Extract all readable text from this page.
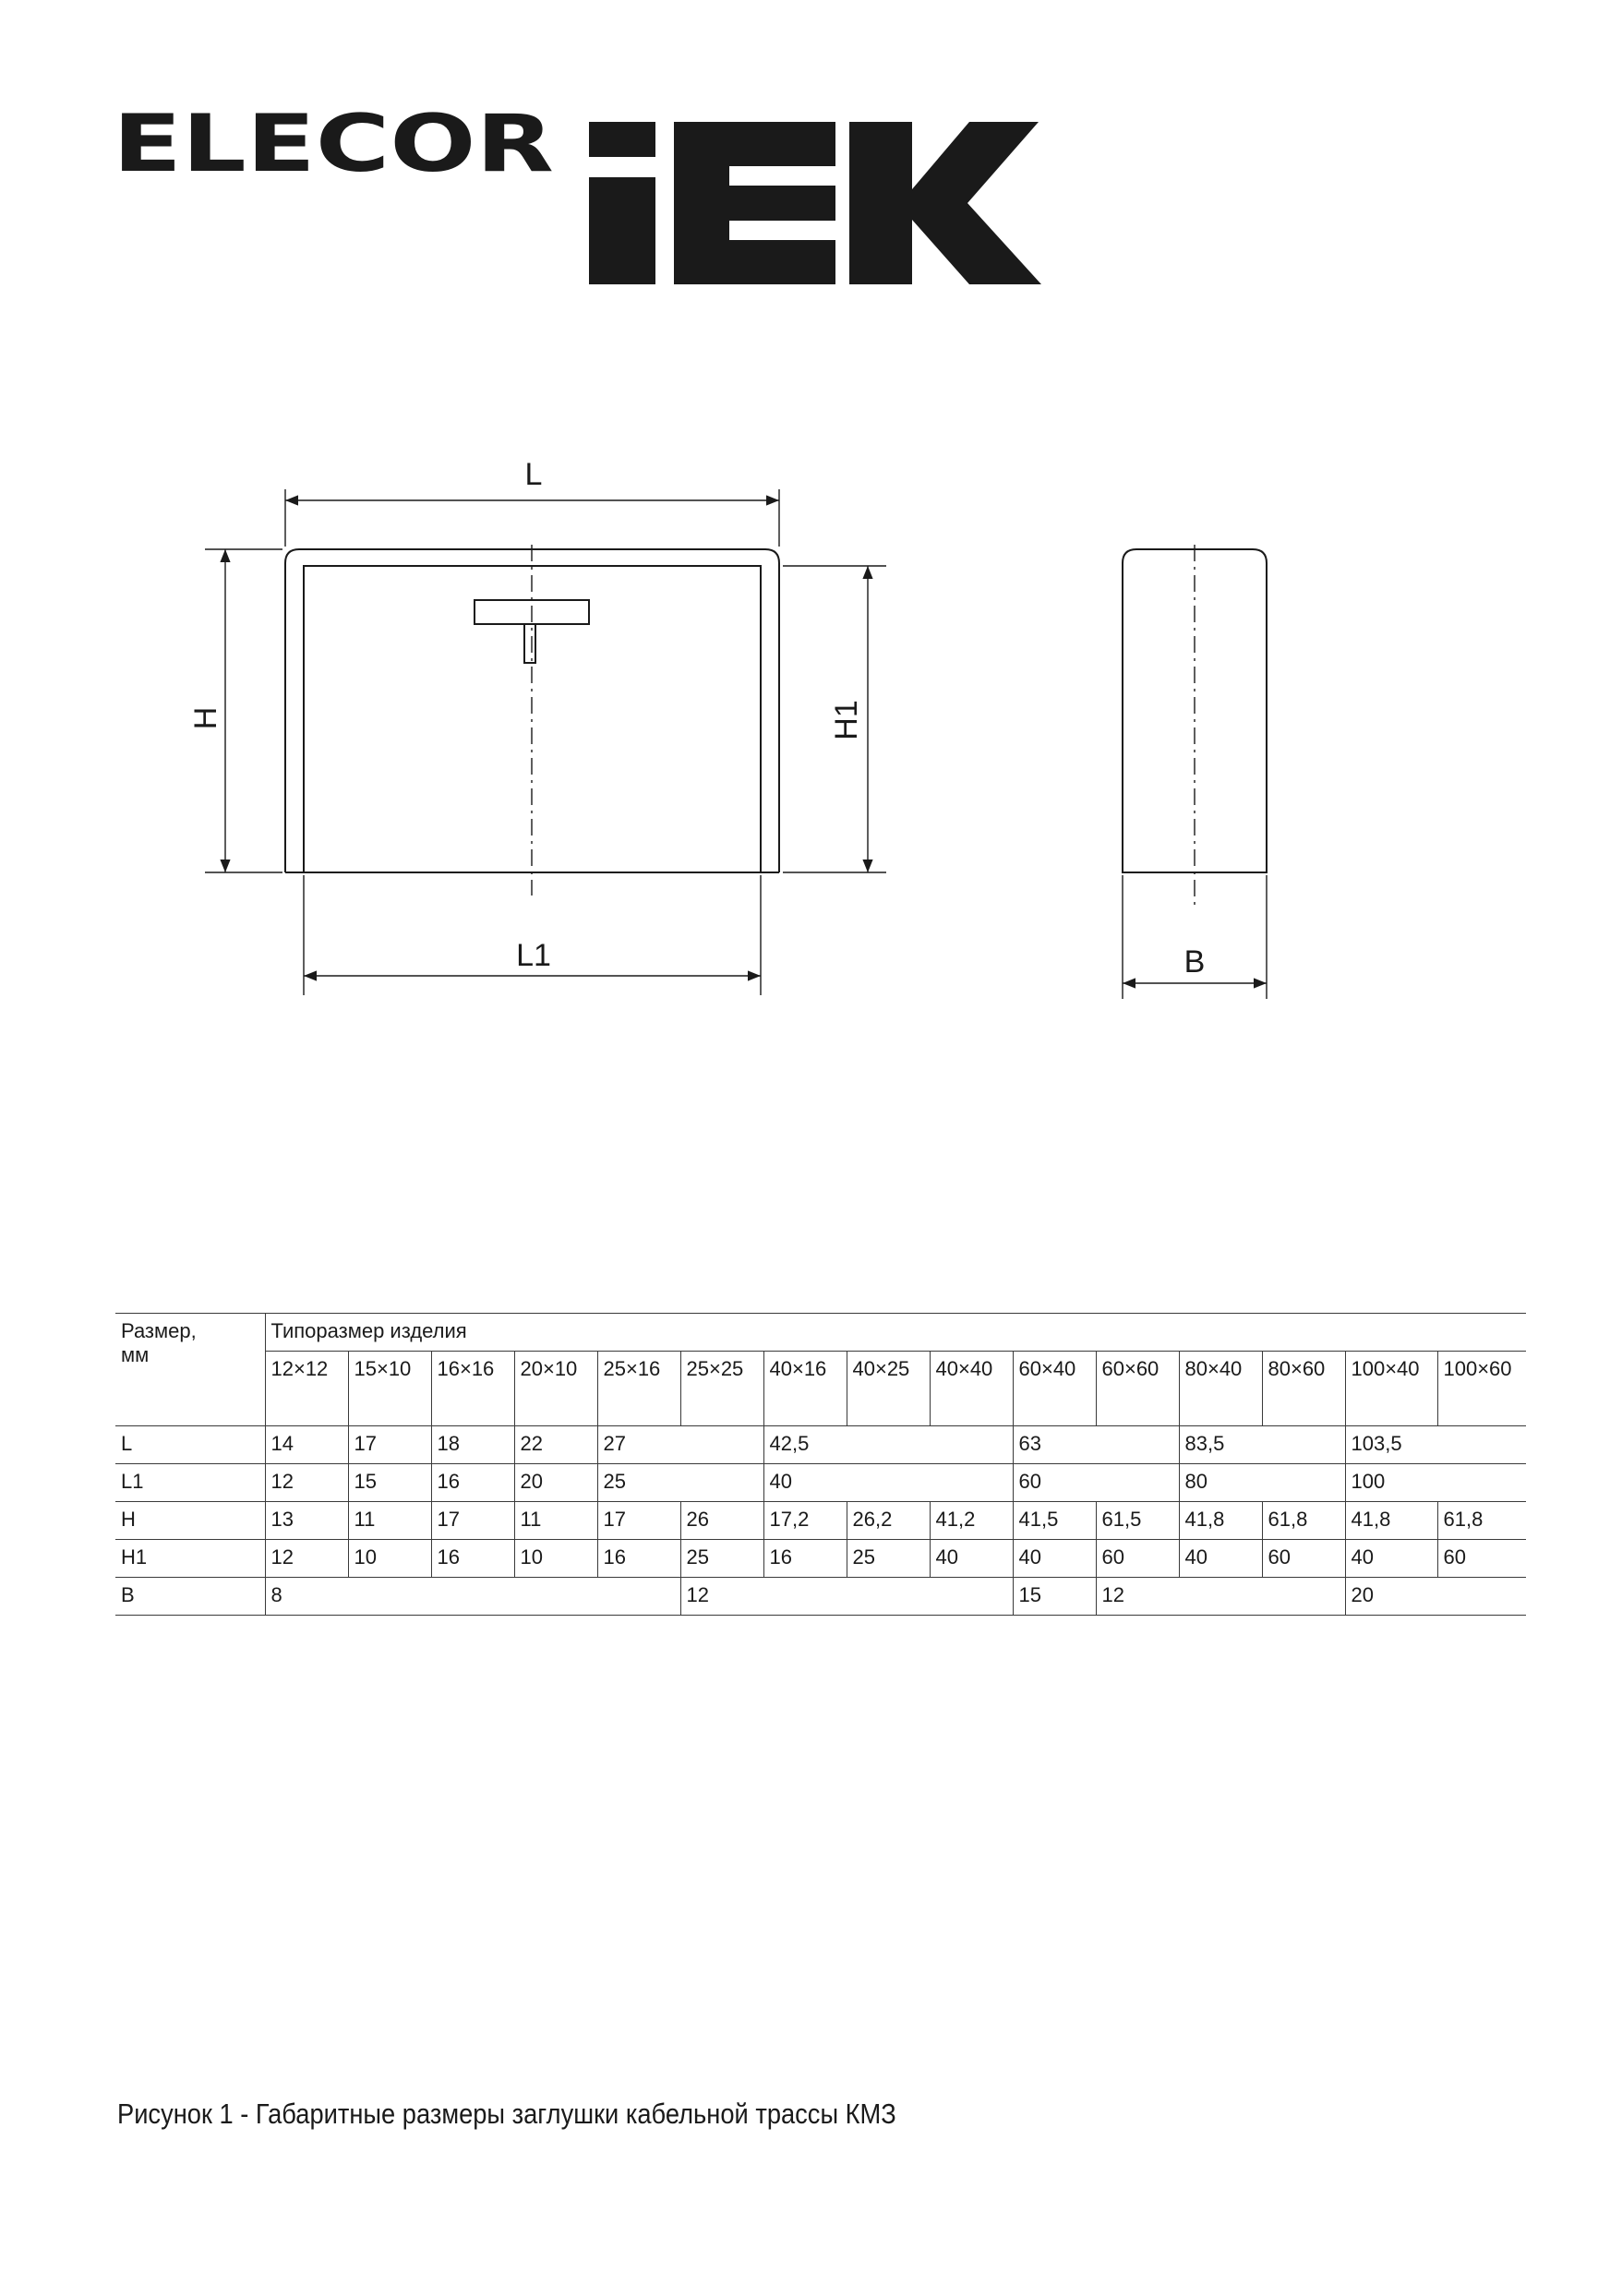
ELECOR
L
H	H1
L1	B
Размер,
мм	Типоразмер изделия														
	12×12	15×10	16×16	20×10	25×16	25×25	40×16	40×25	40×40	60×40	60×60	80×40	80×60	100×40	100×60
L	14	17	18	22	27		42,5			63		83,5		103,5	
L1	12	15	16	20	25		40			60		80		100	
H	13	11	17	11	17	26	17,2	26,2	41,2	41,5	61,5	41,8	61,8	41,8	61,8
H1	12	10	16	10	16	25	16	25	40	40	60	40	60	40	60
B	8					12				15	12			20	
Рисунок 1 - Габаритные размеры заглушки кабельной трассы КМЗ
